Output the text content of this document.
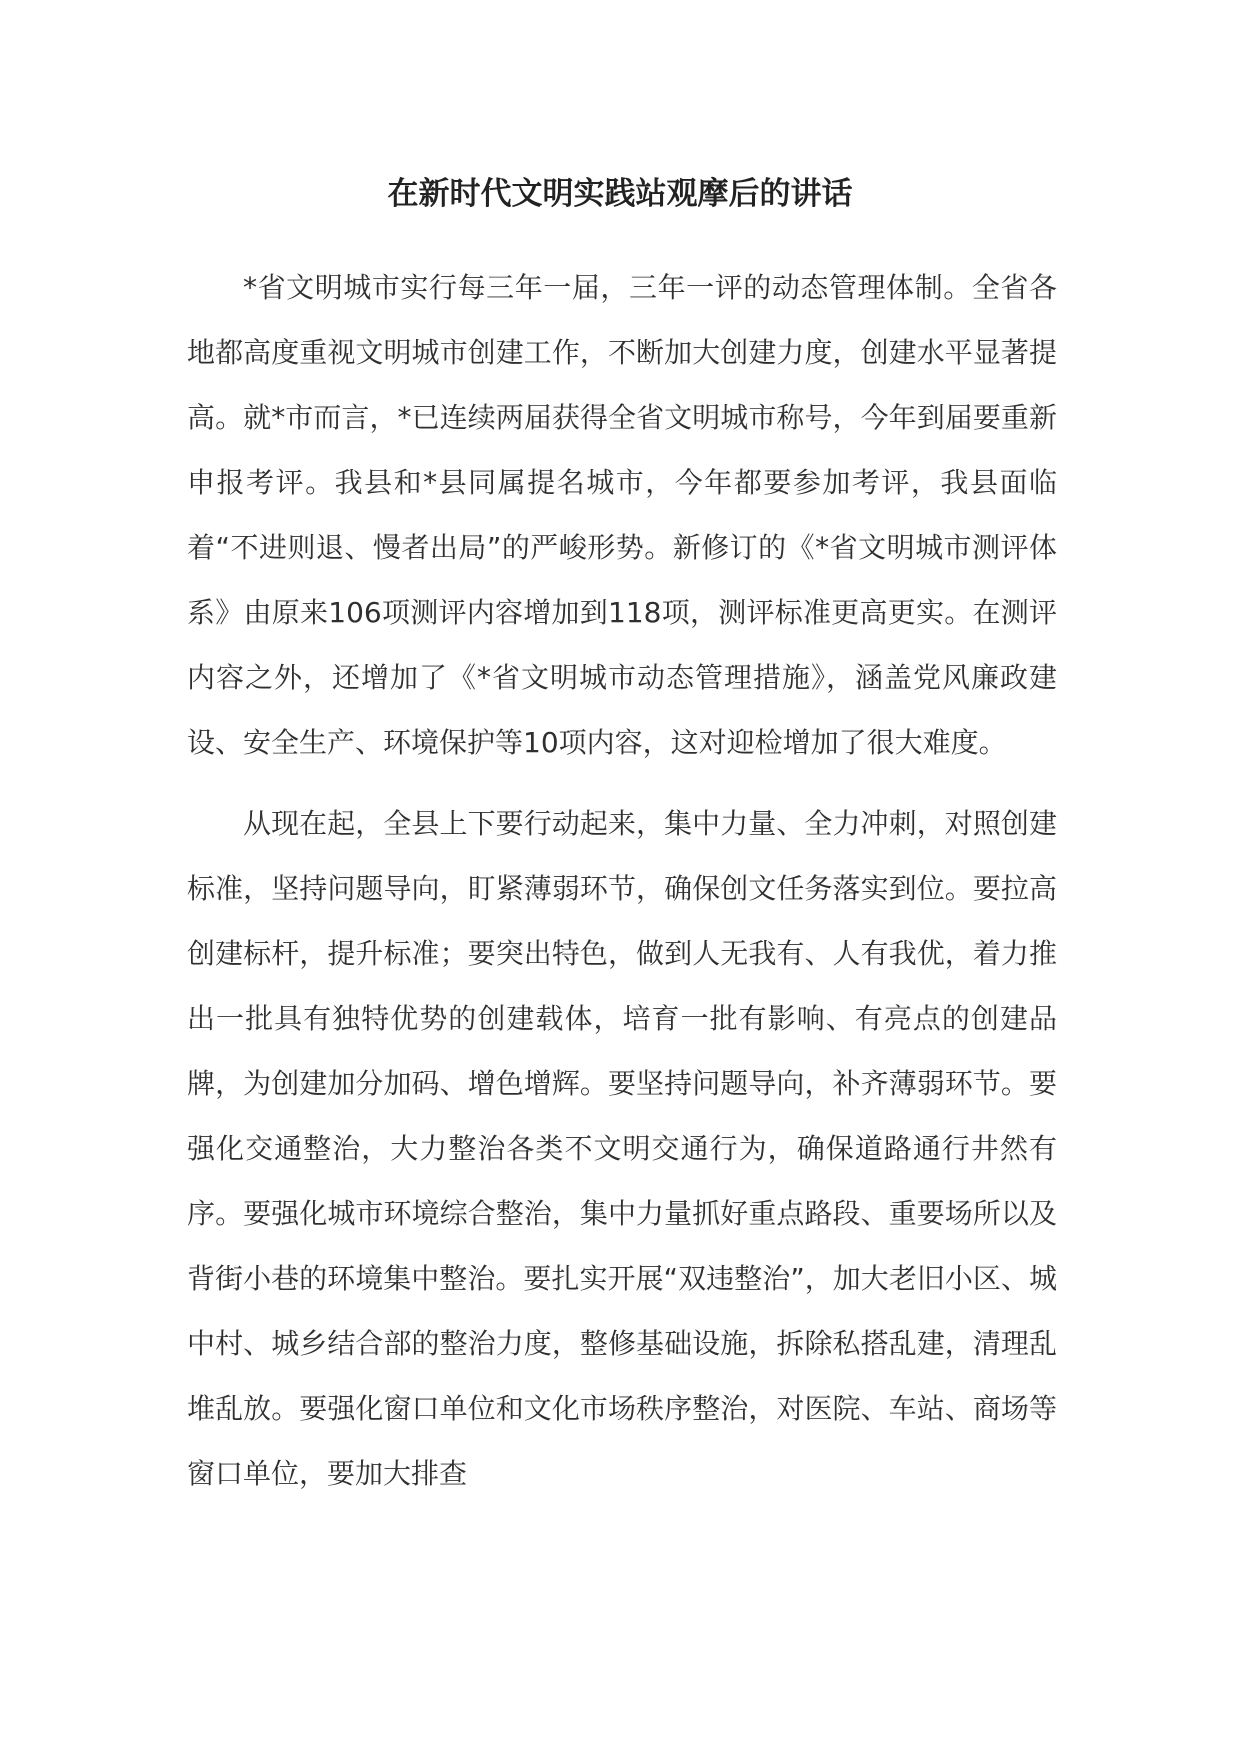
在新时代文明实践站观摩后的讲话

*省文明城市实行每三年一届，三年一评的动态管理体制。全省各地都高度重视文明城市创建工作，不断加大创建力度，创建水平显著提高。就*市而言，*已连续两届获得全省文明城市称号，今年到届要重新申报考评。我县和*县同属提名城市，今年都要参加考评，我县面临着“不进则退、慢者出局”的严峻形势。新修订的《*省文明城市测评体系》由原来106项测评内容增加到118项，测评标准更高更实。在测评内容之外，还增加了《*省文明城市动态管理措施》，涵盖党风廉政建设、安全生产、环境保护等10项内容，这对迎检增加了很大难度。

从现在起，全县上下要行动起来，集中力量、全力冲刺，对照创建标准，坚持问题导向，盯紧薄弱环节，确保创文任务落实到位。要拉高创建标杆，提升标准；要突出特色，做到人无我有、人有我优，着力推出一批具有独特优势的创建载体，培育一批有影响、有亮点的创建品牌，为创建加分加码、增色增辉。要坚持问题导向，补齐薄弱环节。要强化交通整治，大力整治各类不文明交通行为，确保道路通行井然有序。要强化城市环境综合整治，集中力量抓好重点路段、重要场所以及背街小巷的环境集中整治。要扎实开展“双违整治”，加大老旧小区、城中村、城乡结合部的整治力度，整修基础设施，拆除私搭乱建，清理乱堆乱放。要强化窗口单位和文化市场秩序整治，对医院、车站、商场等窗口单位，要加大排查
